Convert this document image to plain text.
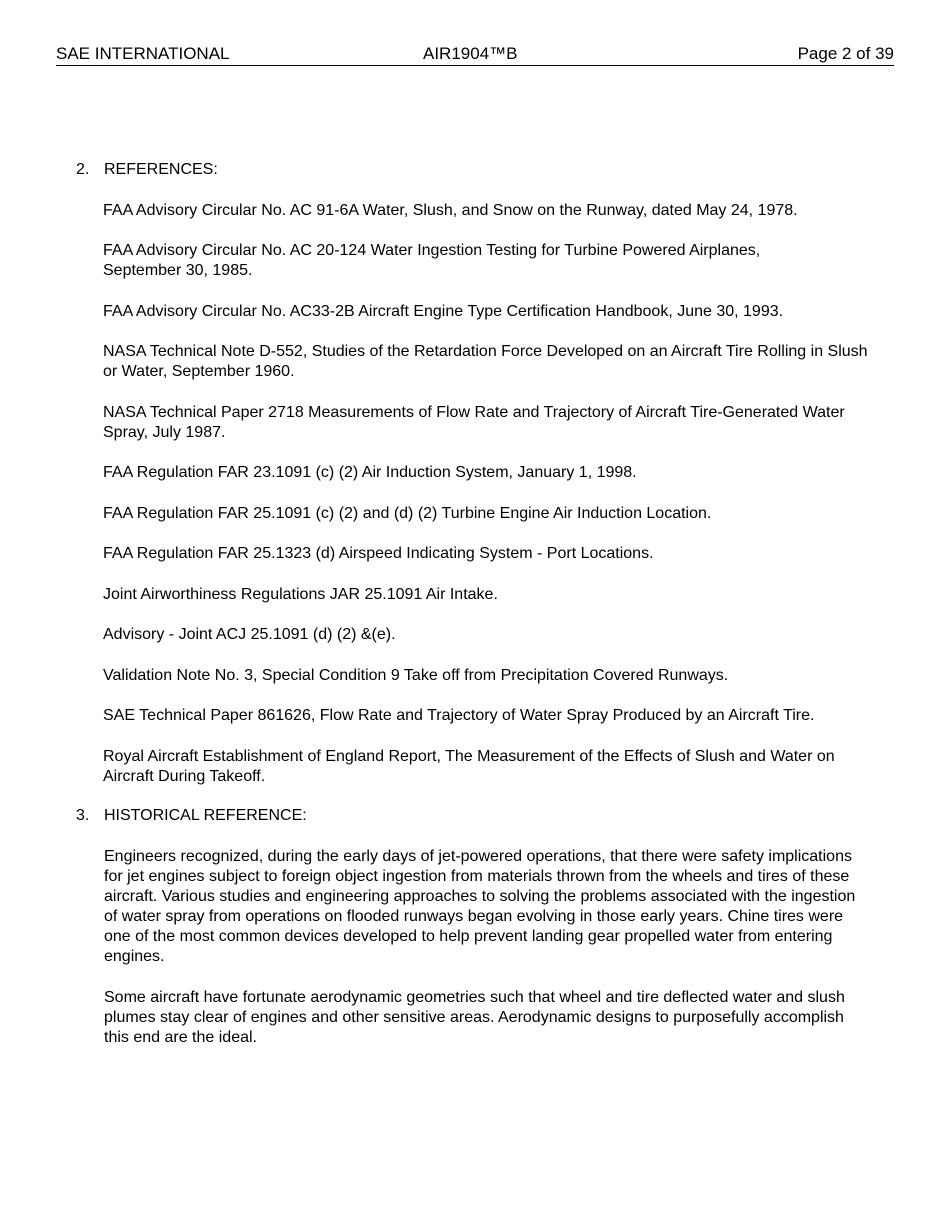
SAE INTERNATIONAL	AIR1904™B	Page 2 of 39
2. REFERENCES:
FAA Advisory Circular No. AC 91-6A Water, Slush, and Snow on the Runway, dated May 24, 1978.
FAA Advisory Circular No. AC 20-124 Water Ingestion Testing for Turbine Powered Airplanes, September 30, 1985.
FAA Advisory Circular No. AC33-2B Aircraft Engine Type Certification Handbook, June 30, 1993.
NASA Technical Note D-552, Studies of the Retardation Force Developed on an Aircraft Tire Rolling in Slush or Water, September 1960.
NASA Technical Paper 2718 Measurements of Flow Rate and Trajectory of Aircraft Tire-Generated Water Spray, July 1987.
FAA Regulation FAR 23.1091 (c) (2) Air Induction System, January 1, 1998.
FAA Regulation FAR 25.1091 (c) (2) and (d) (2) Turbine Engine Air Induction Location.
FAA Regulation FAR 25.1323 (d) Airspeed Indicating System - Port Locations.
Joint Airworthiness Regulations JAR 25.1091 Air Intake.
Advisory - Joint ACJ 25.1091 (d) (2) &(e).
Validation Note No. 3, Special Condition 9 Take off from Precipitation Covered Runways.
SAE Technical Paper 861626, Flow Rate and Trajectory of Water Spray Produced by an Aircraft Tire.
Royal Aircraft Establishment of England Report, The Measurement of the Effects of Slush and Water on Aircraft During Takeoff.
3. HISTORICAL REFERENCE:
Engineers recognized, during the early days of jet-powered operations, that there were safety implications for jet engines subject to foreign object ingestion from materials thrown from the wheels and tires of these aircraft. Various studies and engineering approaches to solving the problems associated with the ingestion of water spray from operations on flooded runways began evolving in those early years. Chine tires were one of the most common devices developed to help prevent landing gear propelled water from entering engines.
Some aircraft have fortunate aerodynamic geometries such that wheel and tire deflected water and slush plumes stay clear of engines and other sensitive areas. Aerodynamic designs to purposefully accomplish this end are the ideal.
